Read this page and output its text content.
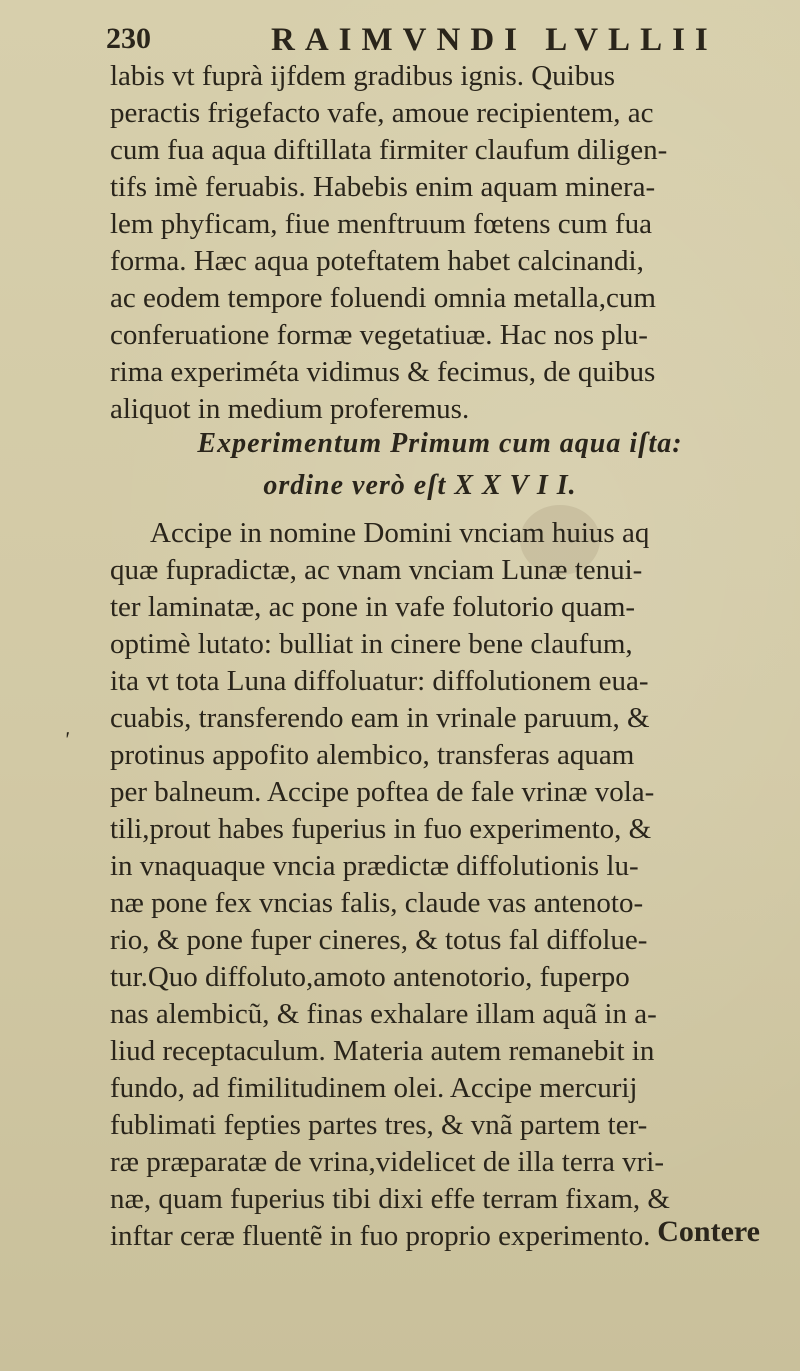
230	RAIMVNDI LVLLII
labis vt fuprà ijfdem gradibus ignis. Quibus
peractis frigefacto vafe, amoue recipientem, ac
cum fua aqua diftillata firmiter claufum diligen-
tifs imè feruabis. Habebis enim aquam minera-
lem phyficam, fiue menftruum fœtens cum fua
forma. Hæc aqua poteftatem habet calcinandi,
ac eodem tempore foluendi omnia metalla,cum
conferuatione formæ vegetatiuæ. Hac nos plu-
rima experiméta vidimus & fecimus, de quibus
aliquot in medium proferemus.
Experimentum Primum cum aqua iſta:
ordine verò eſt X X V I I.
ʹ
Accipe in nomine Domini vnciam huius aq
quæ fupradictæ, ac vnam vnciam Lunæ tenui-
ter laminatæ, ac pone in vafe folutorio quam-
optimè lutato: bulliat in cinere bene claufum,
ita vt tota Luna diffoluatur: diffolutionem eua-
cuabis, transferendo eam in vrinale paruum, &
protinus appofito alembico, transferas aquam
per balneum. Accipe poftea de fale vrinæ vola-
tili,prout habes fuperius in fuo experimento, &
in vnaquaque vncia prædictæ diffolutionis lu-
næ pone fex vncias falis, claude vas antenoto-
rio, & pone fuper cineres, & totus fal diffolue-
tur.Quo diffoluto,amoto antenotorio, fuperpo
nas alembicũ, & finas exhalare illam aquã in a-
liud receptaculum. Materia autem remanebit in
fundo, ad fimilitudinem olei. Accipe mercurij
fublimati fepties partes tres, & vnã partem ter-
ræ præparatæ de vrina,videlicet de illa terra vri-
næ, quam fuperius tibi dixi effe terram fixam, &
inftar ceræ fluentẽ in fuo proprio experimento. Contere
